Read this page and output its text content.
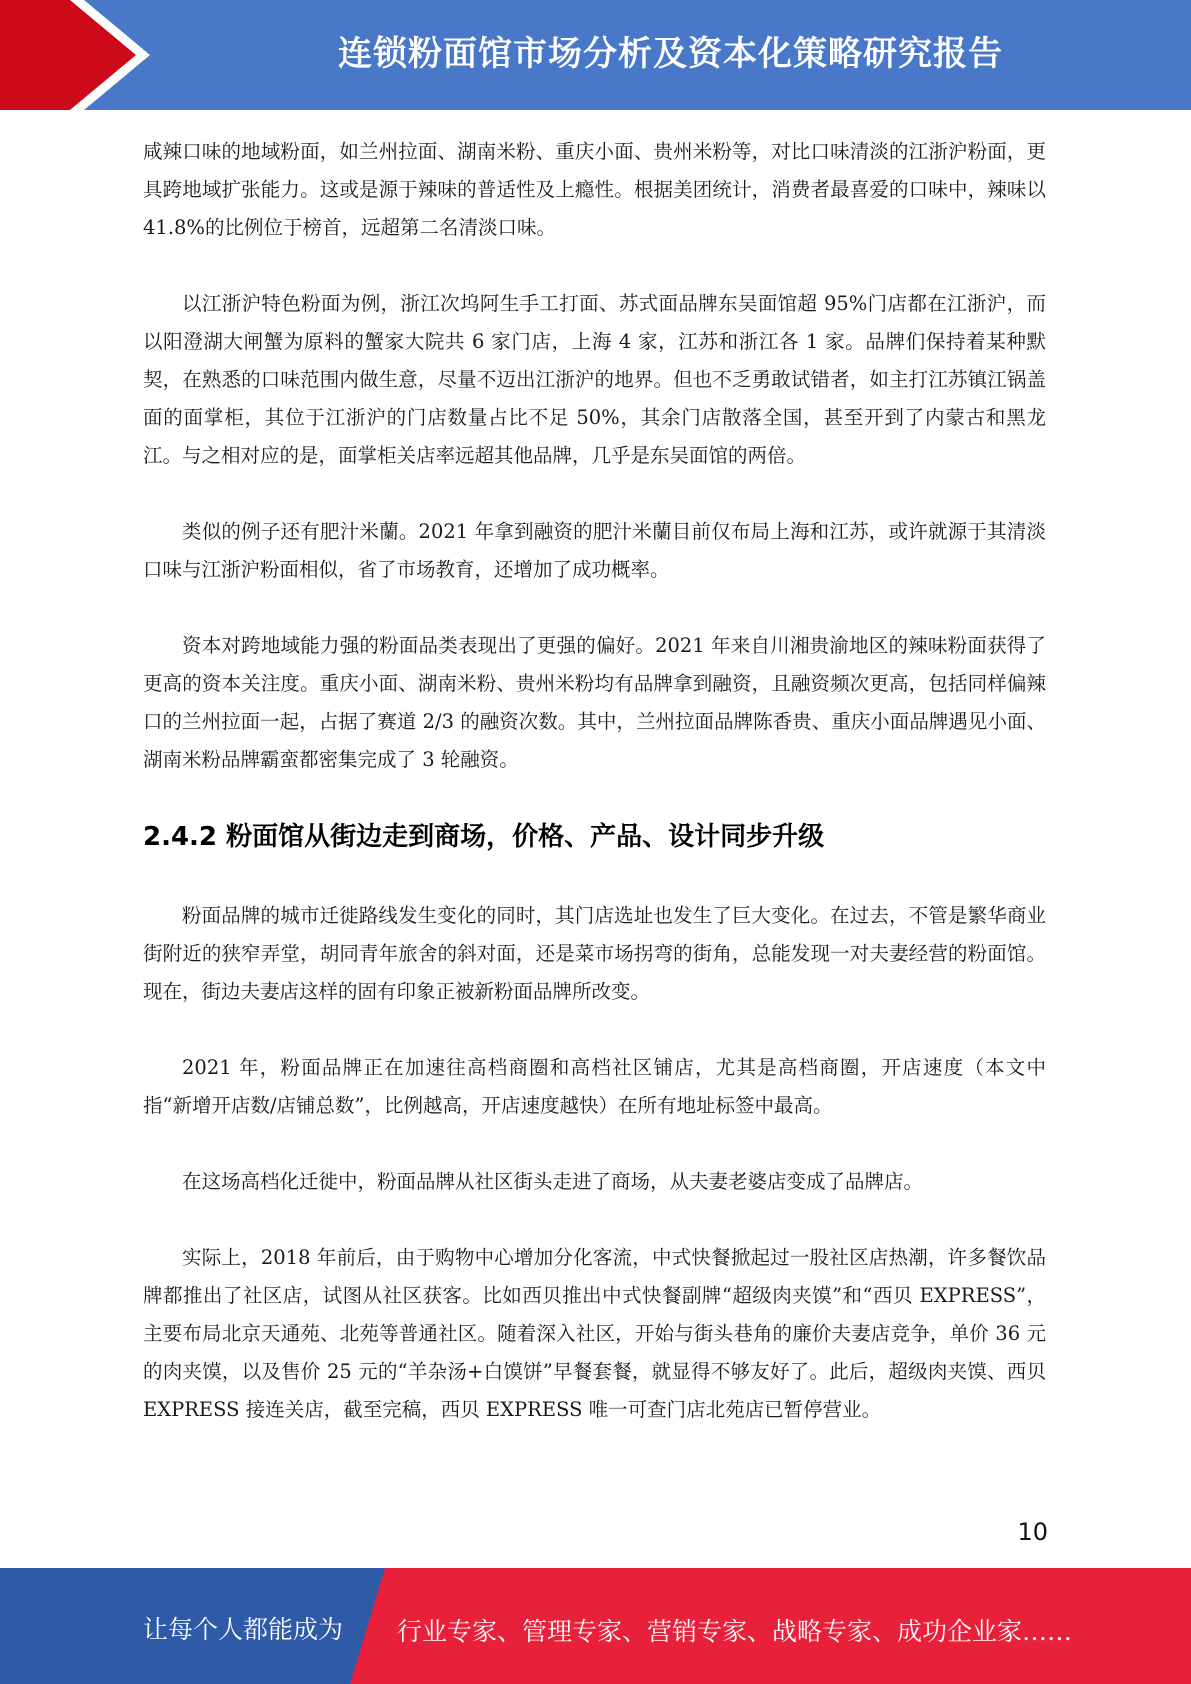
连锁粉面馆市场分析及资本化策略研究报告

咸辣口味的地域粉面，如兰州拉面、湖南米粉、重庆小面、贵州米粉等，对比口味清淡的江浙沪粉面，更具跨地域扩张能力。这或是源于辣味的普适性及上瘾性。根据美团统计，消费者最喜爱的口味中，辣味以 41.8%的比例位于榜首，远超第二名清淡口味。

以江浙沪特色粉面为例，浙江次坞阿生手工打面、苏式面品牌东吴面馆超 95%门店都在江浙沪，而以阳澄湖大闸蟹为原料的蟹家大院共 6 家门店，上海 4 家，江苏和浙江各 1 家。品牌们保持着某种默契，在熟悉的口味范围内做生意，尽量不迈出江浙沪的地界。但也不乏勇敢试错者，如主打江苏镇江锅盖面的面掌柜，其位于江浙沪的门店数量占比不足 50%，其余门店散落全国，甚至开到了内蒙古和黑龙江。与之相对应的是，面掌柜关店率远超其他品牌，几乎是东吴面馆的两倍。

类似的例子还有肥汁米蘭。2021 年拿到融资的肥汁米蘭目前仅布局上海和江苏，或许就源于其清淡口味与江浙沪粉面相似，省了市场教育，还增加了成功概率。

资本对跨地域能力强的粉面品类表现出了更强的偏好。2021 年来自川湘贵渝地区的辣味粉面获得了更高的资本关注度。重庆小面、湖南米粉、贵州米粉均有品牌拿到融资，且融资频次更高，包括同样偏辣口的兰州拉面一起，占据了赛道 2/3 的融资次数。其中，兰州拉面品牌陈香贵、重庆小面品牌遇见小面、湖南米粉品牌霸蛮都密集完成了 3 轮融资。

2.4.2 粉面馆从街边走到商场，价格、产品、设计同步升级

粉面品牌的城市迁徙路线发生变化的同时，其门店选址也发生了巨大变化。在过去，不管是繁华商业街附近的狭窄弄堂，胡同青年旅舍的斜对面，还是菜市场拐弯的街角，总能发现一对夫妻经营的粉面馆。现在，街边夫妻店这样的固有印象正被新粉面品牌所改变。

2021 年，粉面品牌正在加速往高档商圈和高档社区铺店，尤其是高档商圈，开店速度（本文中指“新增开店数/店铺总数”，比例越高，开店速度越快）在所有地址标签中最高。

在这场高档化迁徙中，粉面品牌从社区街头走进了商场，从夫妻老婆店变成了品牌店。

实际上，2018 年前后，由于购物中心增加分化客流，中式快餐掀起过一股社区店热潮，许多餐饮品牌都推出了社区店，试图从社区获客。比如西贝推出中式快餐副牌“超级肉夹馍”和“西贝 EXPRESS”，主要布局北京天通苑、北苑等普通社区。随着深入社区，开始与街头巷角的廉价夫妻店竞争，单价 36 元的肉夹馍，以及售价 25 元的“羊杂汤+白馍饼”早餐套餐，就显得不够友好了。此后，超级肉夹馍、西贝 EXPRESS 接连关店，截至完稿，西贝 EXPRESS 唯一可查门店北苑店已暂停营业。

10
让每个人都能成为 行业专家、管理专家、营销专家、战略专家、成功企业家……
